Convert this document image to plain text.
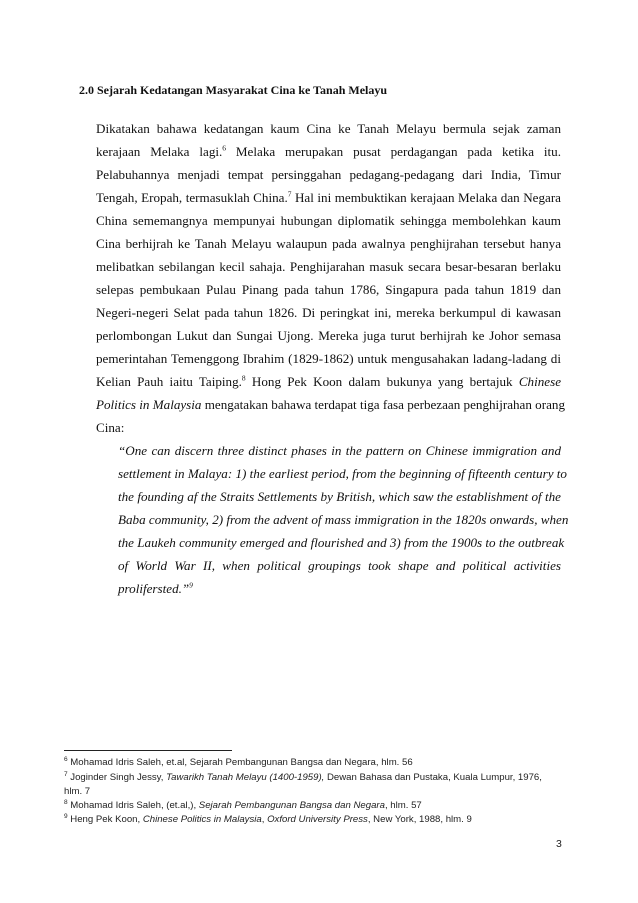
2.0 Sejarah Kedatangan Masyarakat Cina ke Tanah Melayu
Dikatakan bahawa kedatangan kaum Cina ke Tanah Melayu bermula sejak zaman
kerajaan Melaka lagi.$^6$ Melaka merupakan pusat perdagangan pada ketika itu.
Pelabuhannya menjadi tempat persinggahan pedagang-pedagang dari India, Timur
Tengah, Eropah, termasuklah China.$^7$ Hal ini membuktikan kerajaan Melaka dan Negara
China sememangnya mempunyai hubungan diplomatik sehingga membolehkan kaum
Cina berhijrah ke Tanah Melayu walaupun pada awalnya penghijrahan tersebut hanya
melibatkan sebilangan kecil sahaja. Penghijarahan masuk secara besar-besaran berlaku
selepas pembukaan Pulau Pinang pada tahun 1786, Singapura pada tahun 1819 dan
Negeri-negeri Selat pada tahun 1826. Di peringkat ini, mereka berkumpul di kawasan
perlombongan Lukut dan Sungai Ujong. Mereka juga turut berhijrah ke Johor semasa
pemerintahan Temenggong Ibrahim (1829-1862) untuk mengusahakan ladang-ladang di
Kelian Pauh iaitu Taiping.$^8$ Hong Pek Koon dalam bukunya yang bertajuk Chinese
Politics in Malaysia mengatakan bahawa terdapat tiga fasa perbezaan penghijrahan orang
Cina:
“One can discern three distinct phases in the pattern on Chinese immigration and
settlement in Malaya: 1) the earliest period, from the beginning of fifteenth century to
the founding af the Straits Settlements by British, which saw the establishment of the
Baba community, 2) from the advent of mass immigration in the 1820s onwards, when
the Laukeh community emerged and flourished and 3) from the 1900s to the outbreak
of World War II, when political groupings took shape and political activities
prolifersted.”$^9$
$^6$ Mohamad Idris Saleh, et.al, Sejarah Pembangunan Bangsa dan Negara, hlm. 56
$^7$ Joginder Singh Jessy, Tawarikh Tanah Melayu (1400-1959), Dewan Bahasa dan Pustaka, Kuala Lumpur, 1976,
hlm. 7
$^8$ Mohamad Idris Saleh, (et.al,), Sejarah Pembangunan Bangsa dan Negara, hlm. 57
$^9$ Heng Pek Koon, Chinese Politics in Malaysia, Oxford University Press, New York, 1988, hlm. 9
3
